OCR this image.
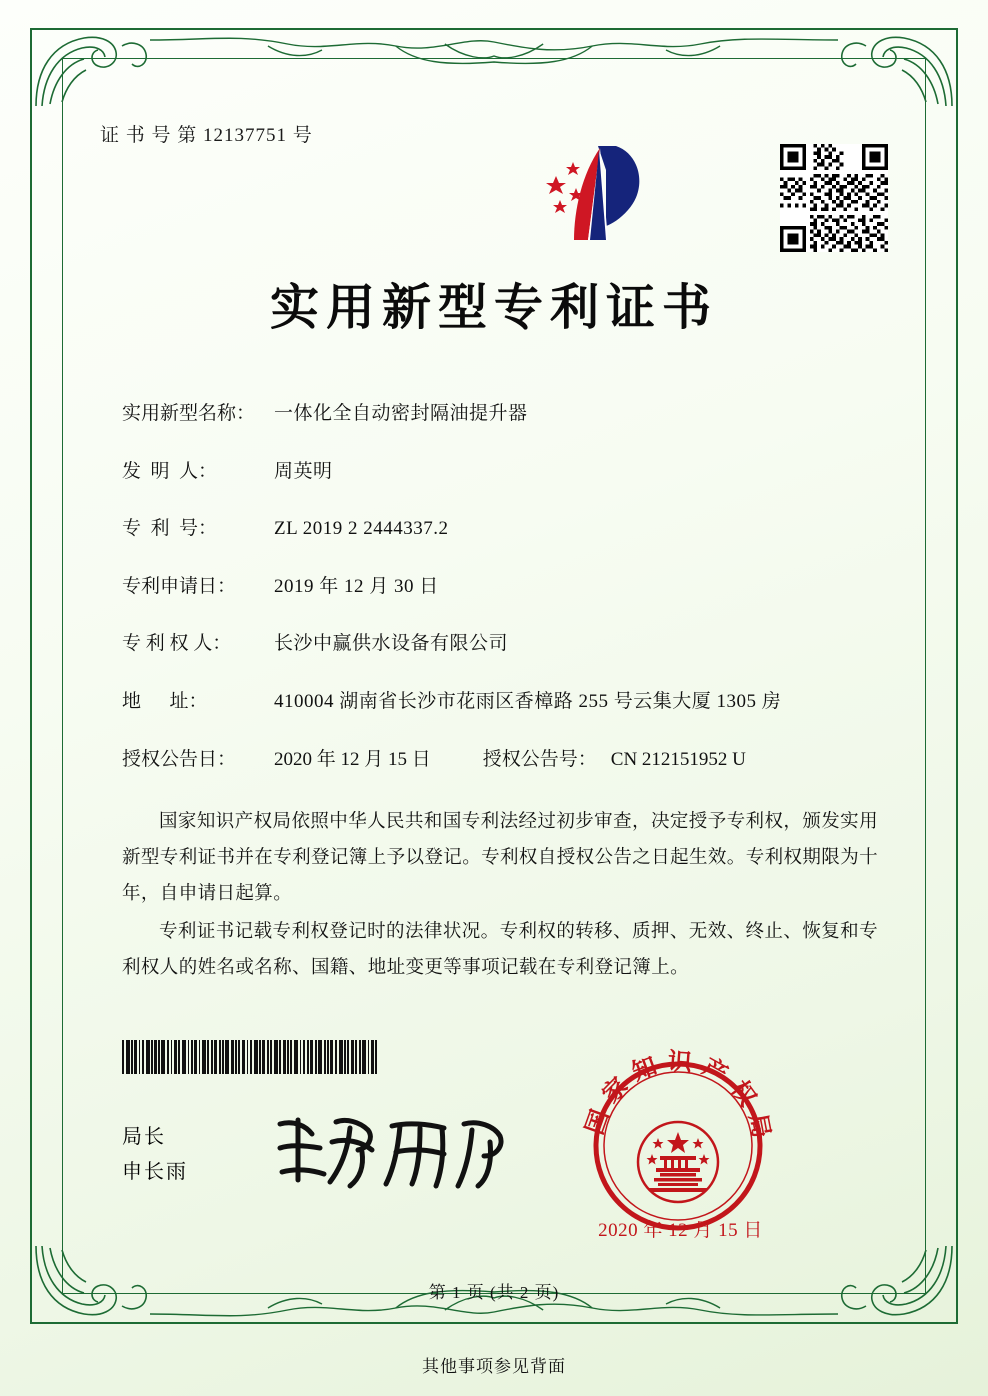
证 书 号 第 12137751 号
实用新型专利证书
实用新型名称： 一体化全自动密封隔油提升器
发  明  人：	周英明
专  利  号：	ZL 2019 2 2444337.2
专利申请日：	2019 年 12 月 30 日
专 利 权 人：	长沙中赢供水设备有限公司
地      址：	410004 湖南省长沙市花雨区香樟路 255 号云集大厦 1305 房
授权公告日：	2020 年 12 月 15 日	授权公告号： CN 212151952 U

国家知识产权局依照中华人民共和国专利法经过初步审查，决定授予专利权，颁发实用新型专利证书并在专利登记簿上予以登记。专利权自授权公告之日起生效。专利权期限为十年，自申请日起算。

专利证书记载专利权登记时的法律状况。专利权的转移、质押、无效、终止、恢复和专利权人的姓名或名称、国籍、地址变更等事项记载在专利登记簿上。

局长
申长雨
国家知识产权局
2020 年 12 月 15 日
第 1 页 (共 2 页)
其他事项参见背面
